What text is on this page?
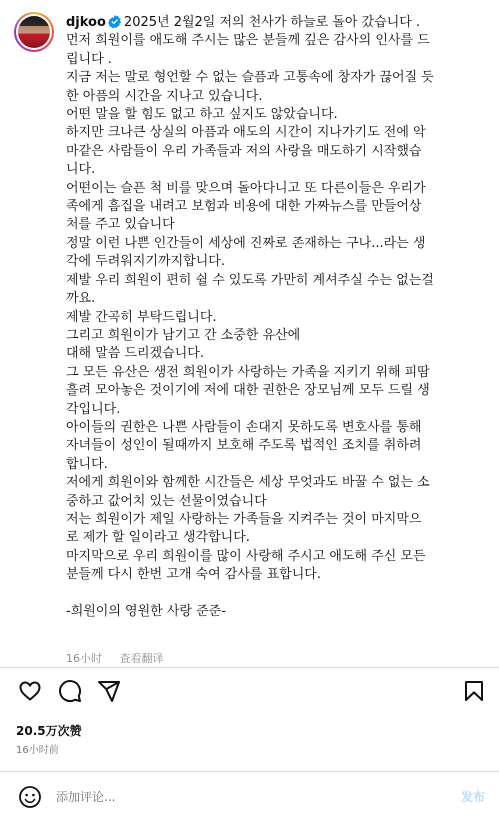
djkoo 2025년 2월2일 저의 천사가 하늘로 돌아 갔습니다 .
먼저 희원이를 애도해 주시는 많은 분들께 깊은 감사의 인사를 드
립니다 .
지금 저는 말로 형언할 수 없는 슬픔과 고통속에 창자가 끊어질 듯
한 아픔의 시간을 지나고 있습니다.
어떤 말을 할 힘도 없고 하고 싶지도 않았습니다.
하지만 크나큰 상실의 아픔과 애도의 시간이 지나가기도 전에 악
마같은 사람들이 우리 가족들과 저의 사랑을 매도하기 시작했습
니다.
어떤이는 슬픈 척 비를 맞으며 돌아다니고 또 다른이들은 우리가
족에게 흠집을 내려고 보험과 비용에 대한 가짜뉴스를 만들어상
처를 주고 있습니다
정말 이런 나쁜 인간들이 세상에 진짜로 존재하는 구나...라는 생
각에 두려워지기까지합니다.
제발 우리 희원이 편히 쉴 수 있도록 가만히 계셔주실 수는 없는걸
까요.
제발 간곡히 부탁드립니다.
그리고 희원이가 남기고 간 소중한 유산에
대해 말씀 드리겠습니다.
그 모든 유산은 생전 희원이가 사랑하는 가족을 지키기 위해 피땀
흘려 모아놓은 것이기에 저에 대한 권한은 장모님께 모두 드릴 생
각입니다.
아이들의 권한은 나쁜 사람들이 손대지 못하도록 변호사를 통해
자녀들이 성인이 될때까지 보호해 주도록 법적인 조치를 취하려
합니다.
저에게 희원이와 함께한 시간들은 세상 무엇과도 바꿀 수 없는 소
중하고 값어치 있는 선물이였습니다
저는 희원이가 제일 사랑하는 가족들을 지켜주는 것이 마지막으
로 제가 할 일이라고 생각합니다.
마지막으로 우리 희원이를 많이 사랑해 주시고 애도해 주신 모든
분들께 다시 한번 고개 숙여 감사를 표합니다.
-희원이의 영원한 사랑 준준-
16小时 查看翻译
20.5万次赞
16小时前
添加评论...
发布
